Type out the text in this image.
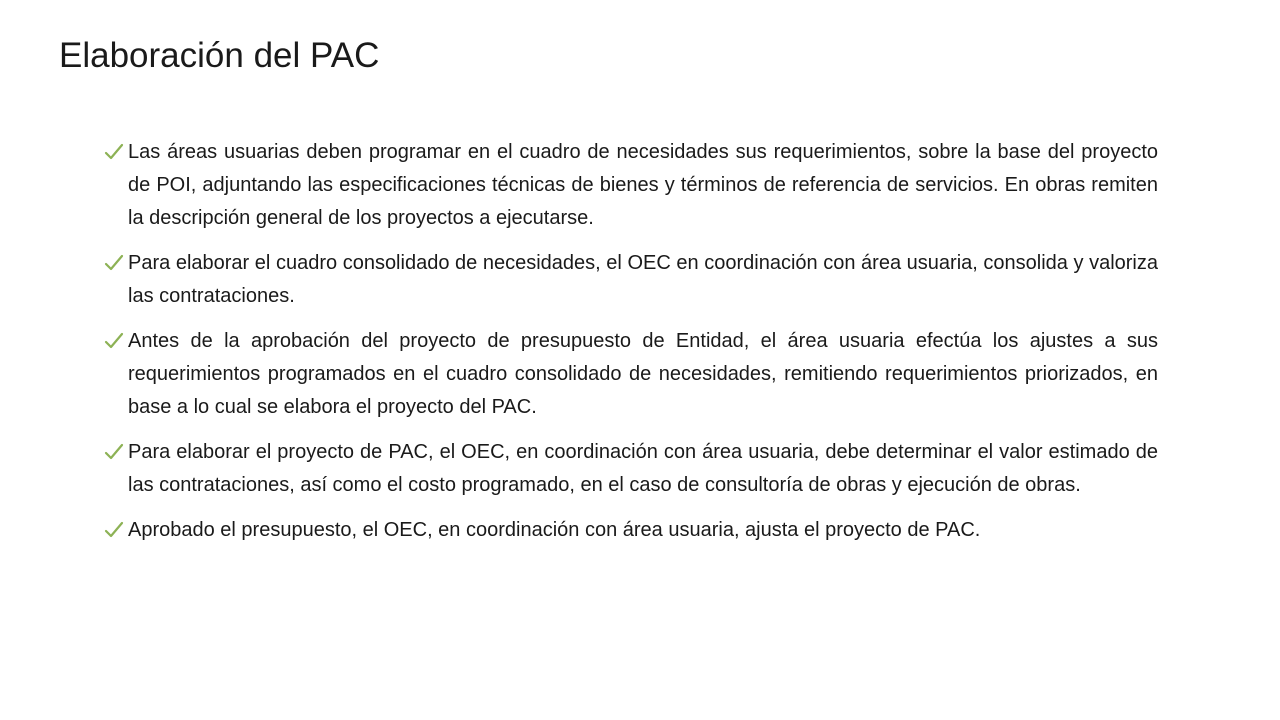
Elaboración del PAC
Las áreas usuarias deben programar en el cuadro de necesidades sus requerimientos, sobre la base del proyecto de POI, adjuntando las especificaciones técnicas de bienes y términos de referencia de servicios. En obras remiten la descripción general de los proyectos a ejecutarse.
Para elaborar el cuadro consolidado de necesidades, el OEC en coordinación con área usuaria, consolida y valoriza las contrataciones.
Antes de la aprobación del proyecto de presupuesto de Entidad, el área usuaria efectúa los ajustes a sus requerimientos programados en el cuadro consolidado de necesidades, remitiendo requerimientos priorizados, en base a lo cual se elabora el proyecto del PAC.
Para elaborar el proyecto de PAC, el OEC, en coordinación con área usuaria, debe determinar el valor estimado de las contrataciones, así como el costo programado, en el caso de consultoría de obras y ejecución de obras.
Aprobado el presupuesto, el OEC, en coordinación con área usuaria, ajusta el proyecto de PAC.
